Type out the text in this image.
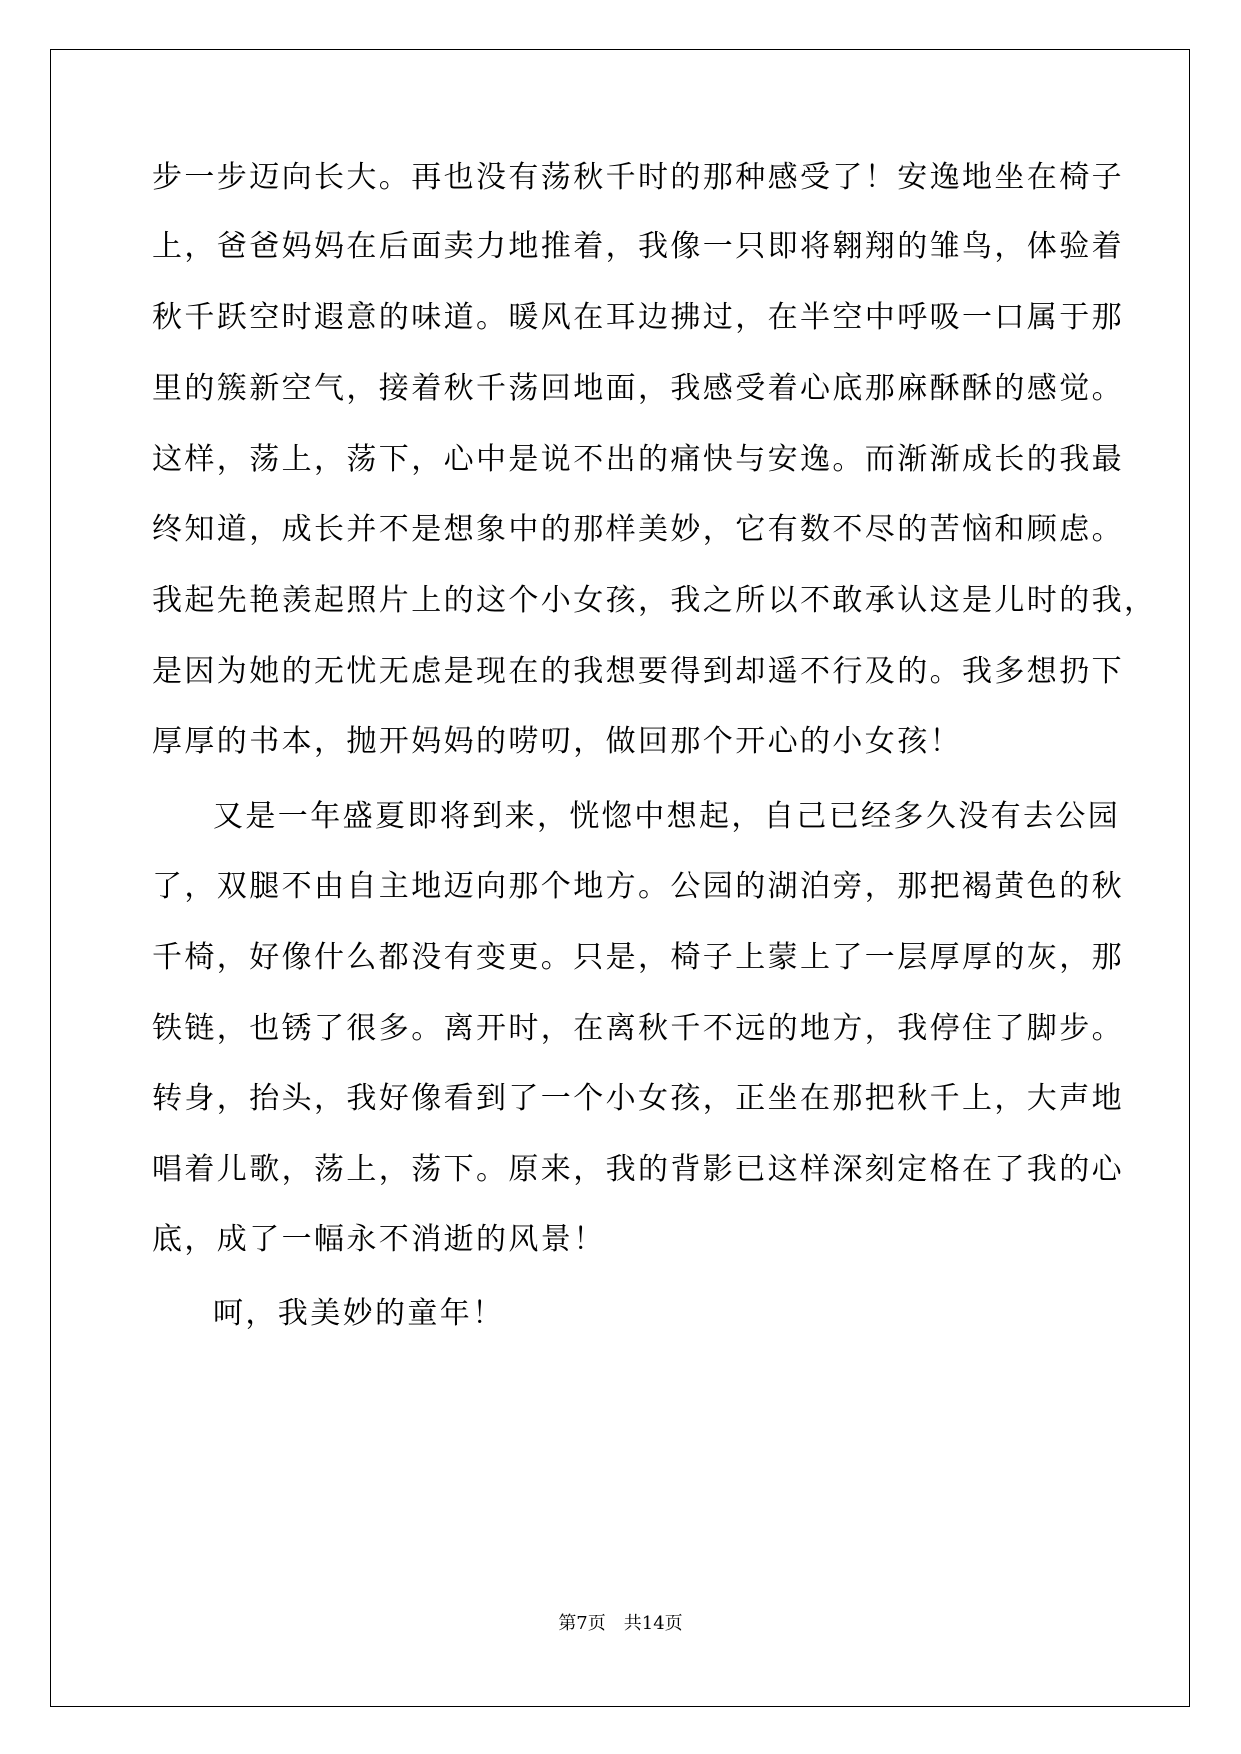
步一步迈向长大。再也没有荡秋千时的那种感受了！安逸地坐在椅子
上，爸爸妈妈在后面卖力地推着，我像一只即将翱翔的雏鸟，体验着
秋千跃空时遐意的味道。暖风在耳边拂过，在半空中呼吸一口属于那
里的簇新空气，接着秋千荡回地面，我感受着心底那麻酥酥的感觉。
这样，荡上，荡下，心中是说不出的痛快与安逸。而渐渐成长的我最
终知道，成长并不是想象中的那样美妙，它有数不尽的苦恼和顾虑。
我起先艳羡起照片上的这个小女孩，我之所以不敢承认这是儿时的我，
是因为她的无忧无虑是现在的我想要得到却遥不行及的。我多想扔下
厚厚的书本，抛开妈妈的唠叨，做回那个开心的小女孩！
又是一年盛夏即将到来，恍惚中想起，自己已经多久没有去公园
了，双腿不由自主地迈向那个地方。公园的湖泊旁，那把褐黄色的秋
千椅，好像什么都没有变更。只是，椅子上蒙上了一层厚厚的灰，那
铁链，也锈了很多。离开时，在离秋千不远的地方，我停住了脚步。
转身，抬头，我好像看到了一个小女孩，正坐在那把秋千上，大声地
唱着儿歌，荡上，荡下。原来，我的背影已这样深刻定格在了我的心
底，成了一幅永不消逝的风景！
呵，我美妙的童年！
第7页 共14页
